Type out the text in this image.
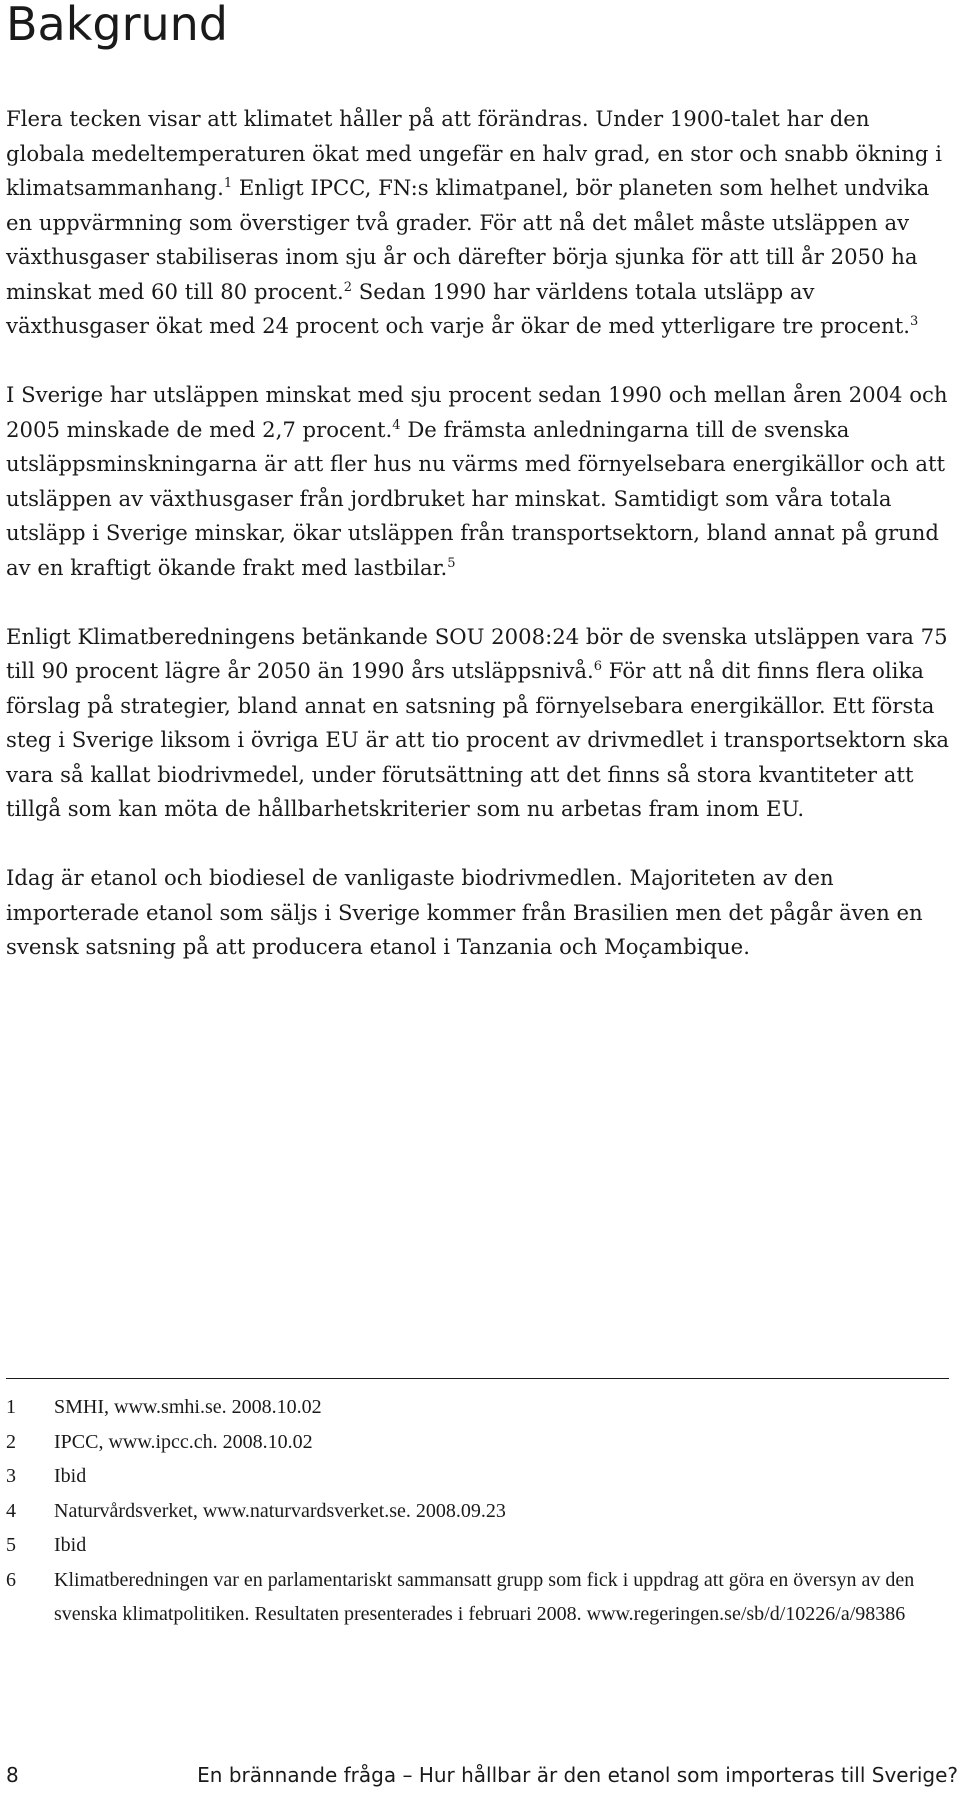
Bakgrund

Flera tecken visar att klimatet håller på att förändras. Under 1900-talet har den globala medeltemperaturen ökat med ungefär en halv grad, en stor och snabb ökning i klimatsammanhang.$^1$ Enligt IPCC, FN:s klimatpanel, bör planeten som helhet undvika en uppvärmning som överstiger två grader. För att nå det målet måste utsläppen av växthusgaser stabiliseras inom sju år och därefter börja sjunka för att till år 2050 ha minskat med 60 till 80 procent.$^2$ Sedan 1990 har världens totala utsläpp av växthusgaser ökat med 24 procent och varje år ökar de med ytterligare tre procent.$^3$

I Sverige har utsläppen minskat med sju procent sedan 1990 och mellan åren 2004 och 2005 minskade de med 2,7 procent.$^4$ De främsta anledningarna till de svenska utsläppsminskningarna är att fler hus nu värms med förnyelsebara energikällor och att utsläppen av växthusgaser från jordbruket har minskat. Samtidigt som våra totala utsläpp i Sverige minskar, ökar utsläppen från transportsektorn, bland annat på grund av en kraftigt ökande frakt med lastbilar.$^5$

Enligt Klimatberedningens betänkande SOU 2008:24 bör de svenska utsläppen vara 75 till 90 procent lägre år 2050 än 1990 års utsläppsnivå.$^6$ För att nå dit finns flera olika förslag på strategier, bland annat en satsning på förnyelsebara energikällor. Ett första steg i Sverige liksom i övriga EU är att tio procent av drivmedlet i transportsektorn ska vara så kallat biodrivmedel, under förutsättning att det finns så stora kvantiteter att tillgå som kan möta de hållbarhetskriterier som nu arbetas fram inom EU.

Idag är etanol och biodiesel de vanligaste biodrivmedlen. Majoriteten av den importerade etanol som säljs i Sverige kommer från Brasilien men det pågår även en svensk satsning på att producera etanol i Tanzania och Moçambique.

1	SMHI, www.smhi.se. 2008.10.02
2	IPCC, www.ipcc.ch. 2008.10.02
3	Ibid
4	Naturvårdsverket, www.naturvardsverket.se. 2008.09.23
5	Ibid
6	Klimatberedningen var en parlamentariskt sammansatt grupp som fick i uppdrag att göra en översyn av den svenska klimatpolitiken. Resultaten presenterades i februari 2008. www.regeringen.se/sb/d/10226/a/98386
8	En brännande fråga – Hur hållbar är den etanol som importeras till Sverige?
